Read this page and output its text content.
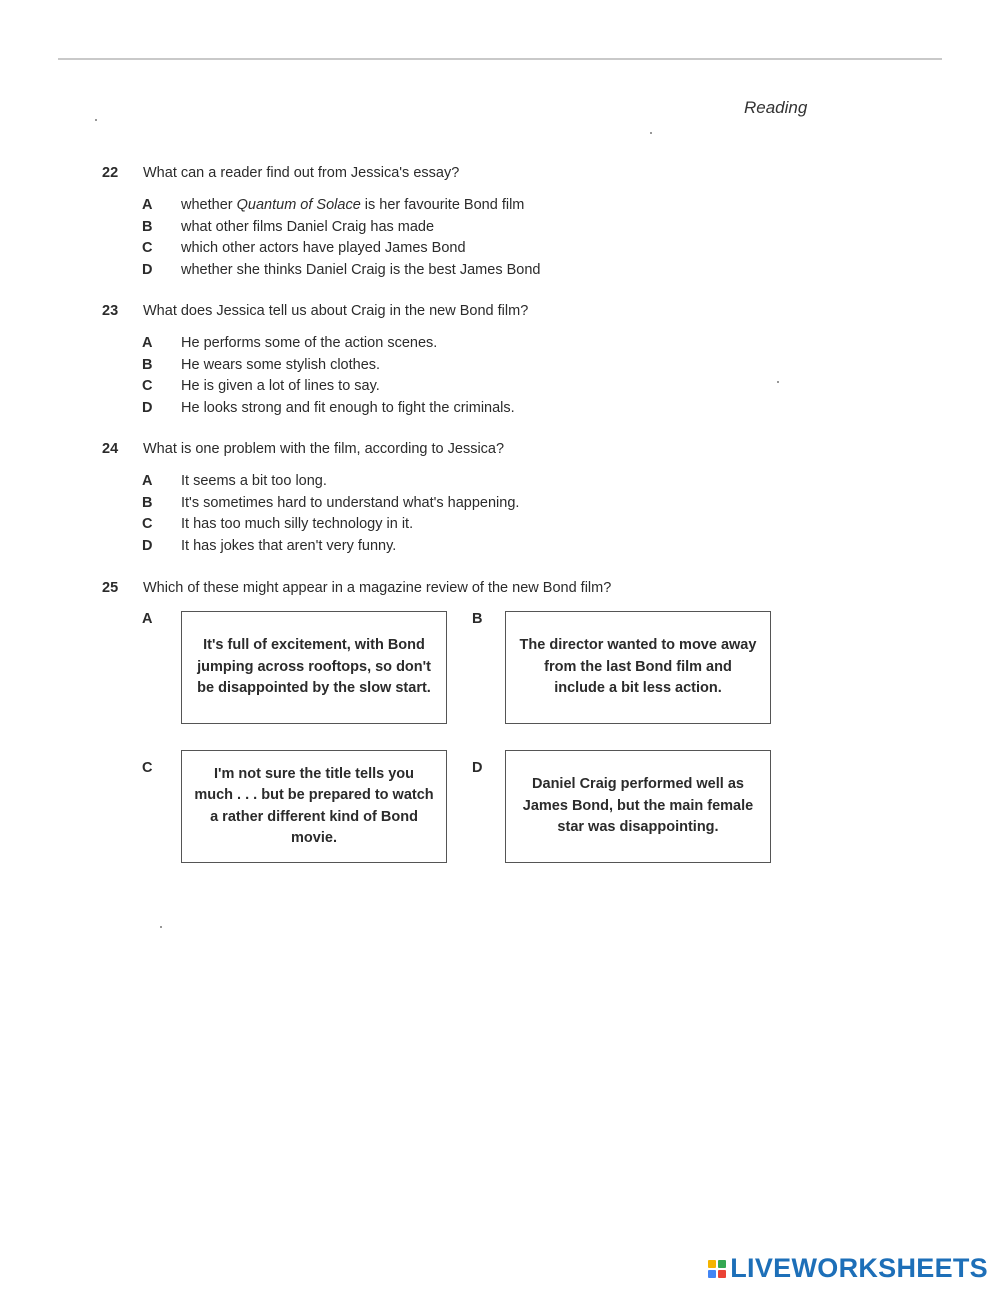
Reading
22	What can a reader find out from Jessica's essay?
A	whether Quantum of Solace is her favourite Bond film
B	what other films Daniel Craig has made
C	which other actors have played James Bond
D	whether she thinks Daniel Craig is the best James Bond
23	What does Jessica tell us about Craig in the new Bond film?
A	He performs some of the action scenes.
B	He wears some stylish clothes.
C	He is given a lot of lines to say.
D	He looks strong and fit enough to fight the criminals.
24	What is one problem with the film, according to Jessica?
A	It seems a bit too long.
B	It's sometimes hard to understand what's happening.
C	It has too much silly technology in it.
D	It has jokes that aren't very funny.
25	Which of these might appear in a magazine review of the new Bond film?
A
It's full of excitement, with Bond jumping across rooftops, so don't be disappointed by the slow start.
B
The director wanted to move away from the last Bond film and include a bit less action.
C	I'm not sure the title tells you much . . . but be prepared to watch a rather different kind of Bond movie.
D
Daniel Craig performed well as James Bond, but the main female star was disappointing.
LIVEWORKSHEETS
